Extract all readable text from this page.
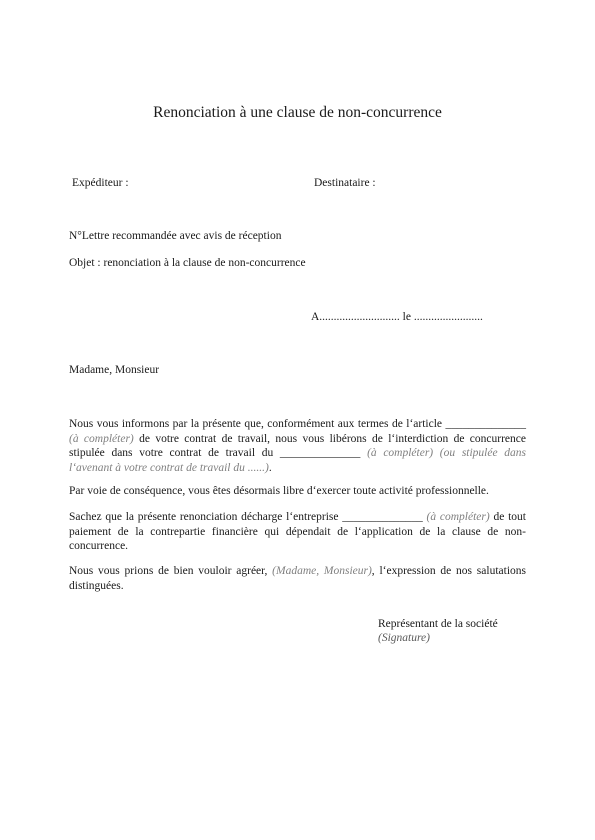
Renonciation à une clause de non-concurrence
Expéditeur :	Destinataire :
N°Lettre recommandée avec avis de réception
Objet : renonciation à la clause de non-concurrence
A............................ le ........................
Madame, Monsieur
Nous vous informons par la présente que, conformément aux termes de l‘article ______________ (à compléter) de votre contrat de travail, nous vous libérons de l‘interdiction de concurrence stipulée dans votre contrat de travail du ______________ (à compléter) (ou stipulée dans l‘avenant à votre contrat de travail du ......).
Par voie de conséquence, vous êtes désormais libre d‘exercer toute activité professionnelle.
Sachez que la présente renonciation décharge l‘entreprise ______________ (à compléter) de tout paiement de la contrepartie financière qui dépendait de l‘application de la clause de non-concurrence.
Nous vous prions de bien vouloir agréer, (Madame, Monsieur), l‘expression de nos salutations distinguées.
Représentant de la société
(Signature)
